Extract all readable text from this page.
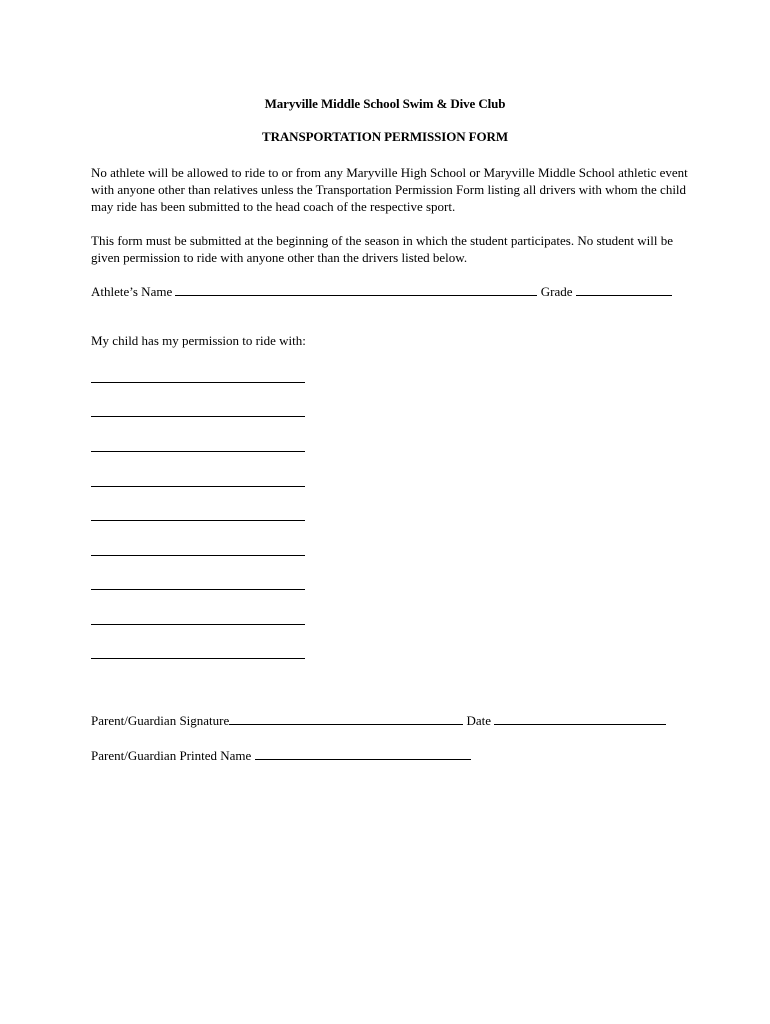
Maryville Middle School Swim & Dive Club
TRANSPORTATION PERMISSION FORM

No athlete will be allowed to ride to or from any Maryville High School or Maryville Middle School athletic event with anyone other than relatives unless the Transportation Permission Form listing all drivers with whom the child may ride has been submitted to the head coach of the respective sport.

This form must be submitted at the beginning of the season in which the student participates. No student will be given permission to ride with anyone other than the drivers listed below.

Athlete’s Name	Grade
My child has my permission to ride with:
Parent/Guardian Signature	Date
Parent/Guardian Printed Name
